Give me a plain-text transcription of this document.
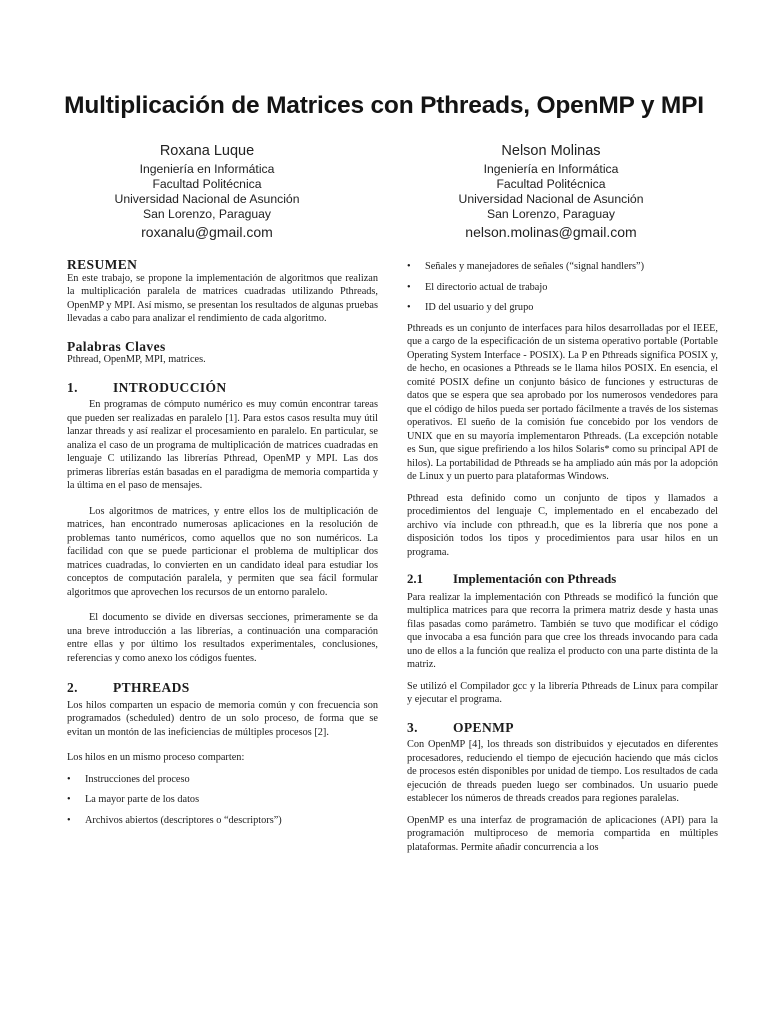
Multiplicación de Matrices con Pthreads, OpenMP y MPI
Roxana Luque
Ingeniería en Informática
Facultad Politécnica
Universidad Nacional de Asunción
San Lorenzo, Paraguay
roxanalu@gmail.com
Nelson Molinas
Ingeniería en Informática
Facultad Politécnica
Universidad Nacional de Asunción
San Lorenzo, Paraguay
nelson.molinas@gmail.com
RESUMEN

En este trabajo, se propone la implementación de algoritmos que realizan la multiplicación paralela de matrices cuadradas utilizando Pthreads, OpenMP y MPI. Así mismo, se presentan los resultados de algunas pruebas llevadas a cabo para analizar el rendimiento de cada algoritmo.

Palabras Claves

Pthread, OpenMP, MPI, matrices.

1.	INTRODUCCIÓN

En programas de cómputo numérico es muy común encontrar tareas que pueden ser realizadas en paralelo [1]. Para estos casos resulta muy útil lanzar threads y así realizar el procesamiento en paralelo. En particular, se analiza el caso de un programa de multiplicación de matrices cuadradas en lenguaje C utilizando las librerías Pthread, OpenMP y MPI. Las dos primeras librerías están basadas en el paradigma de memoria compartida y la última en el paso de mensajes.

Los algoritmos de matrices, y entre ellos los de multiplicación de matrices, han encontrado numerosas aplicaciones en la resolución de problemas tanto numéricos, como aquellos que no son numéricos. La facilidad con que se puede particionar el problema de multiplicar dos matrices cuadradas, lo convierten en un candidato ideal para estudiar los conceptos de computación paralela, y permiten que sea fácil formular algoritmos que aprovechen los recursos de un entorno paralelo.

El documento se divide en diversas secciones, primeramente se da una breve introducción a las librerías, a continuación una comparación entre ellas y por último los resultados experimentales, conclusiones, referencias y como anexo los códigos fuentes.

2.	PTHREADS

Los hilos comparten un espacio de memoria común y con frecuencia son programados (scheduled) dentro de un solo proceso, de forma que se evitan un montón de las ineficiencias de múltiples procesos [2].

Los hilos en un mismo proceso comparten:

• Instrucciones del proceso
• La mayor parte de los datos
• Archivos abiertos (descriptores o “descriptors”)
• Señales y manejadores de señales (“signal handlers”)
• El directorio actual de trabajo
• ID del usuario y del grupo

Pthreads es un conjunto de interfaces para hilos desarrolladas por el IEEE, que a cargo de la especificación de un sistema operativo portable (Portable Operating System Interface - POSIX). La P en Pthreads significa POSIX y, de hecho, en ocasiones a Pthreads se le llama hilos POSIX. En esencia, el comité POSIX define un conjunto básico de funciones y estructuras de datos que se espera que sea aprobado por los numerosos vendedores para que el código de hilos pueda ser portado fácilmente a través de los sistemas operativos. El sueño de la comisión fue concebido por los vendors de UNIX que en su mayoría implementaron Pthreads. (La excepción notable es Sun, que sigue prefiriendo a los hilos Solaris* como su principal API de hilos). La portabilidad de Pthreads se ha ampliado aún más por la adopción de Linux y un puerto para plataformas Windows.

Pthread esta definido como un conjunto de tipos y llamados a procedimientos del lenguaje C, implementado en el encabezado del archivo vía include con pthread.h, que es la librería que nos pone a disposición todos los tipos y procedimientos para usar hilos en un programa.

2.1 Implementación con Pthreads

Para realizar la implementación con Pthreads se modificó la función que multiplica matrices para que recorra la primera matriz desde y hasta unas filas pasadas como parámetro. También se tuvo que modificar el código que invocaba a esa función para que cree los threads invocando para cada uno de ellos a la función que realiza el producto con una parte distinta de la matriz.

Se utilizó el Compilador gcc y la librería Pthreads de Linux para compilar y ejecutar el programa.

3.	OPENMP

Con OpenMP [4], los threads son distribuidos y ejecutados en diferentes procesadores, reduciendo el tiempo de ejecución haciendo que más ciclos de procesos estén disponibles por unidad de tiempo. Los resultados de cada ejecución de threads pueden luego ser combinados. Un usuario puede establecer los números de threads creados para regiones paralelas.

OpenMP es una interfaz de programación de aplicaciones (API) para la programación multiproceso de memoria compartida en múltiples plataformas. Permite añadir concurrencia a los
